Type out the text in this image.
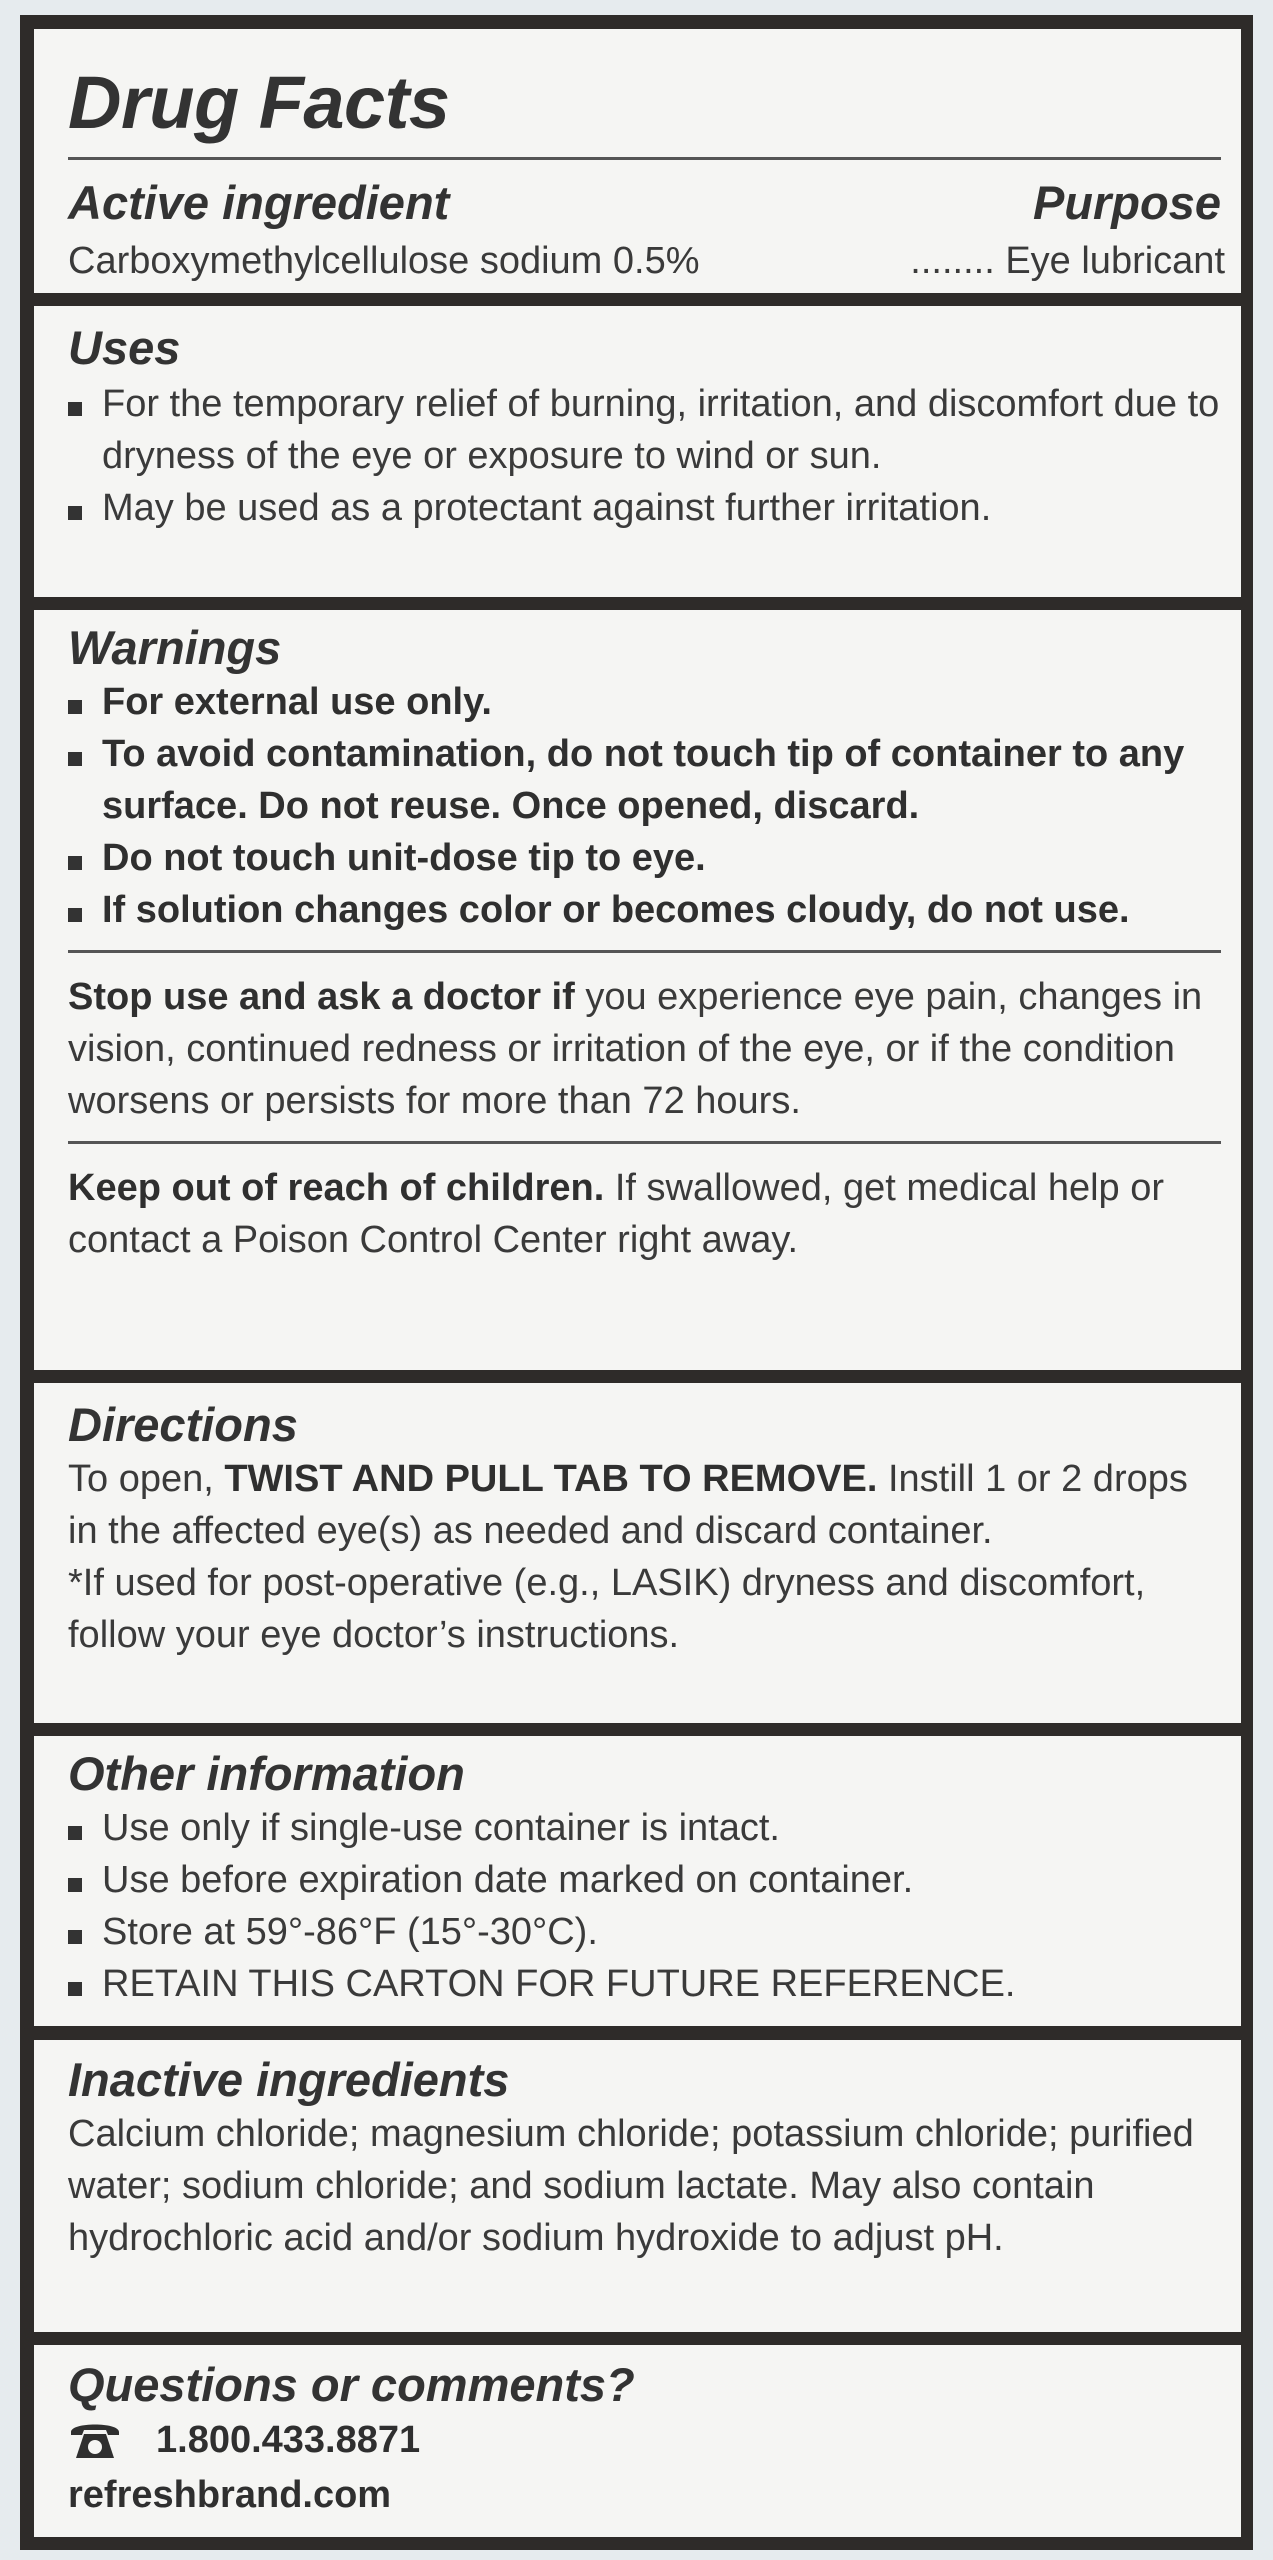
Drug Facts
Active ingredient	Purpose
Carboxymethylcellulose sodium 0.5%	........ Eye lubricant
Uses
For the temporary relief of burning, irritation, and discomfort due to dryness of the eye or exposure to wind or sun.
May be used as a protectant against further irritation.
Warnings
For external use only.
To avoid contamination, do not touch tip of container to any surface. Do not reuse. Once opened, discard.
Do not touch unit-dose tip to eye.
If solution changes color or becomes cloudy, do not use.

Stop use and ask a doctor if you experience eye pain, changes in vision, continued redness or irritation of the eye, or if the condition worsens or persists for more than 72 hours.

Keep out of reach of children. If swallowed, get medical help or contact a Poison Control Center right away.

Directions

To open, TWIST AND PULL TAB TO REMOVE. Instill 1 or 2 drops in the affected eye(s) as needed and discard container.

*If used for post-operative (e.g., LASIK) dryness and discomfort, follow your eye doctor’s instructions.

Other information
Use only if single-use container is intact.
Use before expiration date marked on container.
Store at 59°-86°F (15°-30°C).
RETAIN THIS CARTON FOR FUTURE REFERENCE.
Inactive ingredients

Calcium chloride; magnesium chloride; potassium chloride; purified water; sodium chloride; and sodium lactate. May also contain hydrochloric acid and/or sodium hydroxide to adjust pH.

Questions or comments?
1.800.433.8871
refreshbrand.com
